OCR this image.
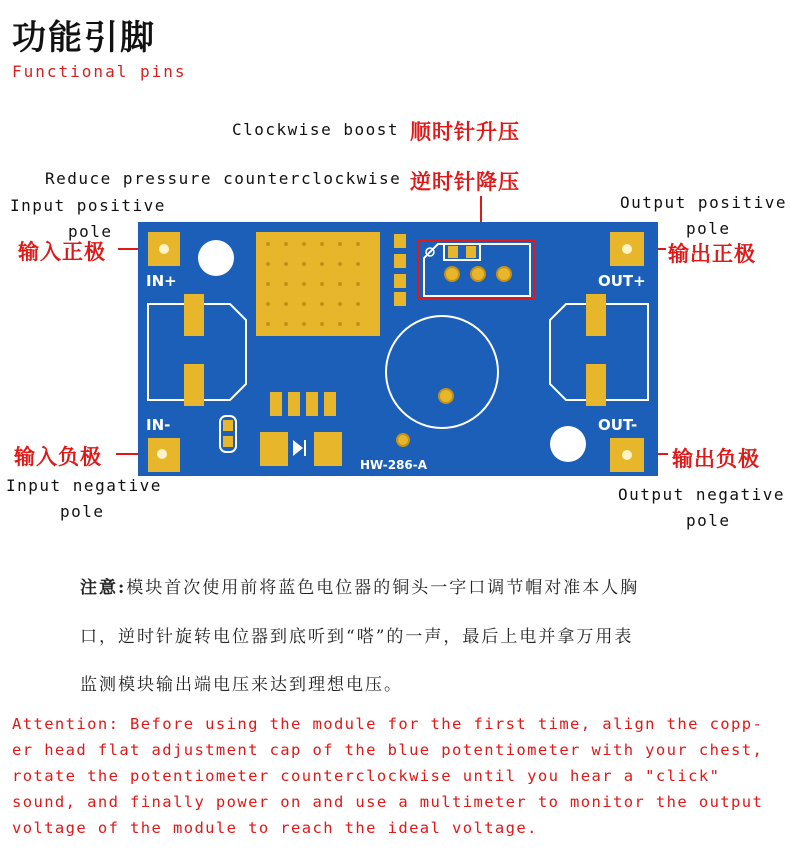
功能引脚
Functional pins
Clockwise boost 顺时针升压
Reduce pressure counterclockwise 逆时针降压
Input positive
pole
输入正极
输入负极
Input negative
pole
Output positive
pole
输出正极
输出负极
Output negative
pole
IN+
IN-
OUT+
OUT-
HW-286-A
注意:模块首次使用前将蓝色电位器的铜头一字口调节帽对准本人胸
口，逆时针旋转电位器到底听到“嗒”的一声，最后上电并拿万用表
监测模块输出端电压来达到理想电压。
Attention: Before using the module for the first time, align the copp-
er head flat adjustment cap of the blue potentiometer with your chest,
rotate the potentiometer counterclockwise until you hear a "click"
sound, and finally power on and use a multimeter to monitor the output
voltage of the module to reach the ideal voltage.
